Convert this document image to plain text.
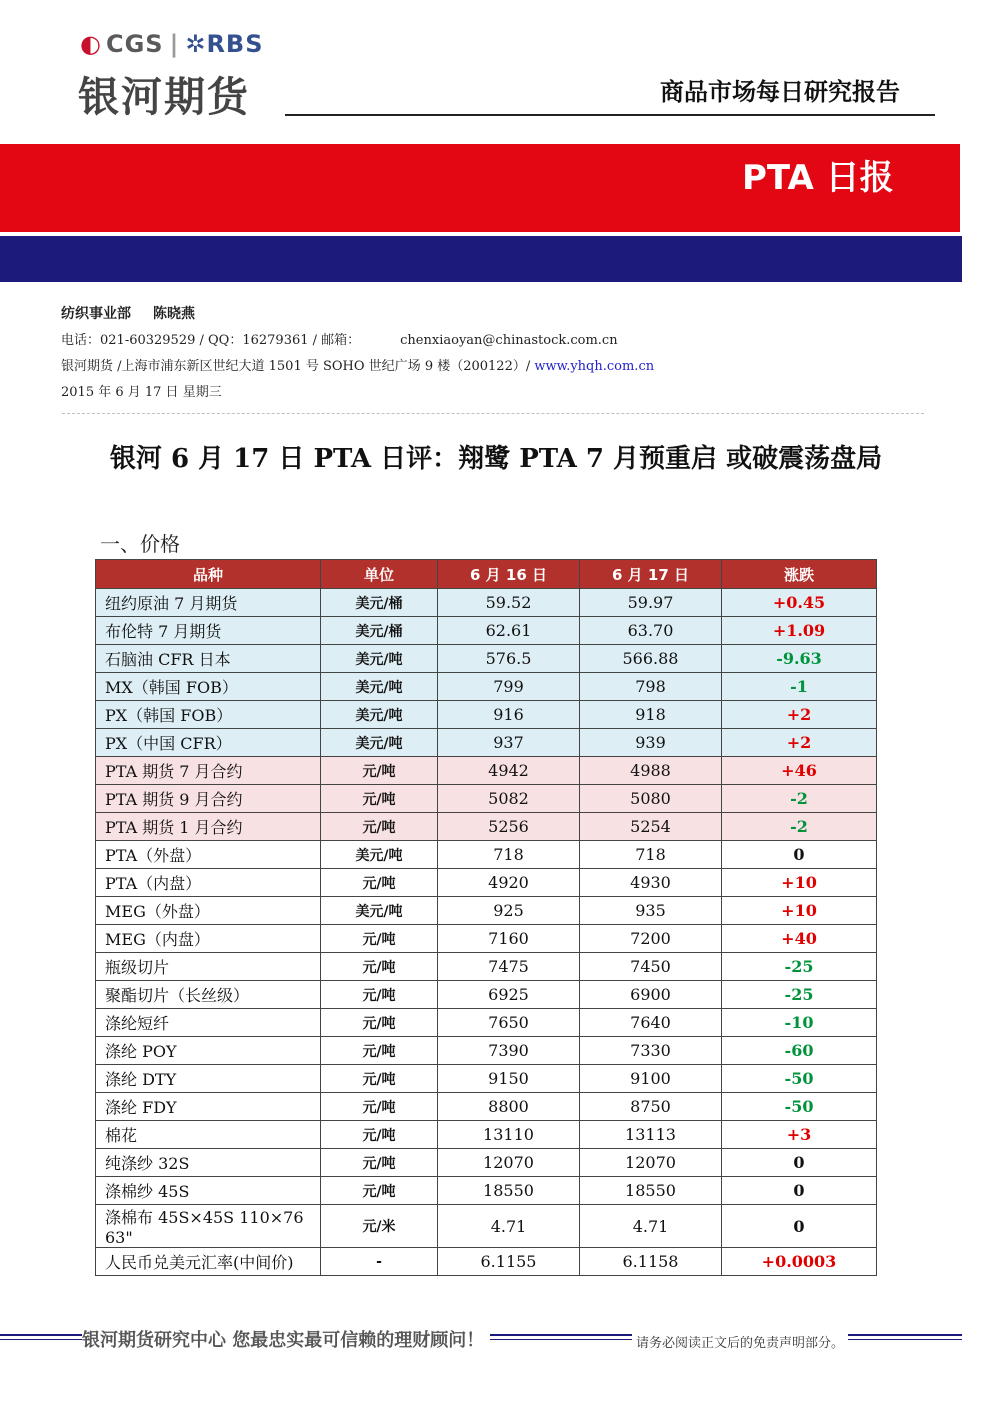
◐ CGS | ✲RBS
银河期货	商品市场每日研究报告
PTA 日报
纺织事业部 陈晓燕
电话：021-60329529 / QQ：16279361 / 邮箱：	chenxiaoyan@chinastock.com.cn
银河期货 /上海市浦东新区世纪大道 1501 号 SOHO 世纪广场 9 楼（200122）/ www.yhqh.com.cn
2015 年 6 月 17 日 星期三
银河 6 月 17 日 PTA 日评：翔鹭 PTA 7 月预重启 或破震荡盘局
一、价格
品种	单位	6 月 16 日	6 月 17 日	涨跌
纽约原油 7 月期货	美元/桶	59.52	59.97	+0.45
布伦特 7 月期货	美元/桶	62.61	63.70	+1.09
石脑油 CFR 日本	美元/吨	576.5	566.88	-9.63
MX（韩国 FOB）	美元/吨	799	798	-1
PX（韩国 FOB）	美元/吨	916	918	+2
PX（中国 CFR）	美元/吨	937	939	+2
PTA 期货 7 月合约	元/吨	4942	4988	+46
PTA 期货 9 月合约	元/吨	5082	5080	-2
PTA 期货 1 月合约	元/吨	5256	5254	-2
PTA（外盘）	美元/吨	718	718	0
PTA（内盘）	元/吨	4920	4930	+10
MEG（外盘）	美元/吨	925	935	+10
MEG（内盘）	元/吨	7160	7200	+40
瓶级切片	元/吨	7475	7450	-25
聚酯切片（长丝级）	元/吨	6925	6900	-25
涤纶短纤	元/吨	7650	7640	-10
涤纶 POY	元/吨	7390	7330	-60
涤纶 DTY	元/吨	9150	9100	-50
涤纶 FDY	元/吨	8800	8750	-50
棉花	元/吨	13110	13113	+3
纯涤纱 32S	元/吨	12070	12070	0
涤棉纱 45S	元/吨	18550	18550	0
涤棉布 45S×45S 110×76 63"	元/米	4.71	4.71	0
人民币兑美元汇率(中间价)	-	6.1155	6.1158	+0.0003
银河期货研究中心 您最忠实最可信赖的理财顾问！	请务必阅读正文后的免责声明部分。
